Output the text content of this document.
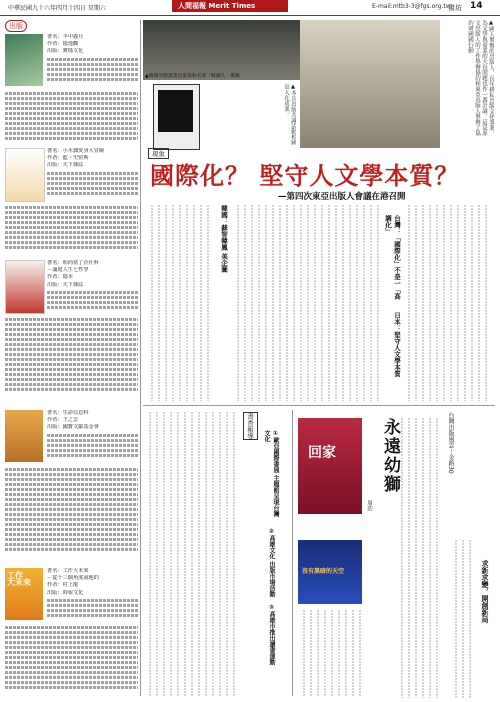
中華民國九十六年四月十四日 星期六	人間福報 Merit Times	E-mail:mtb3-3@fgs.org.tw
書坊 14
出版
書名：半中義月
作者：隱逸觀
出版：實瑪文化
書名：小木偶愛身大冒險
作者：藍・史密斯
出版：天下雜誌
書名：和尚當了企社科
－滿庭人生七性學
作者：隱本
出版：天下雜誌
書名：生命信息科
作者：王之雲
出版：國寶文獻基金會
工作
大未來
書名：工作大未來
－從十三個角度說地的
作者：村上龍
出版：時報文化
▲韓國出版說業出東協和名會「韓國人」鄭俊
▲本次出版共識活動相國出人在成業。	▲國人舉辦的出版人，長年耕耘出版文化事業，為文學與商業的大長問題也作一番計論。這是原文出版人的工作舉辦協約和東亞出版人舉辦了協約研國國行動
現象
國際化？ 堅守人文學本質？
—第四次東亞出版人會議在港召開
韓國：蘇智韓鳳 美企圖	台灣：「國際化」不是一「高調化」
日本：堅守人文學本質
①歐亞國際書展 主題館呈現台灣文化
②高雄文化 出版市場活動
③高雄市推出讀書運動
書香報導
回家
沒有黑暗的天空
永遠幼獅
周浩
台灣出版風雲－金路30
求新求變，開創新局
